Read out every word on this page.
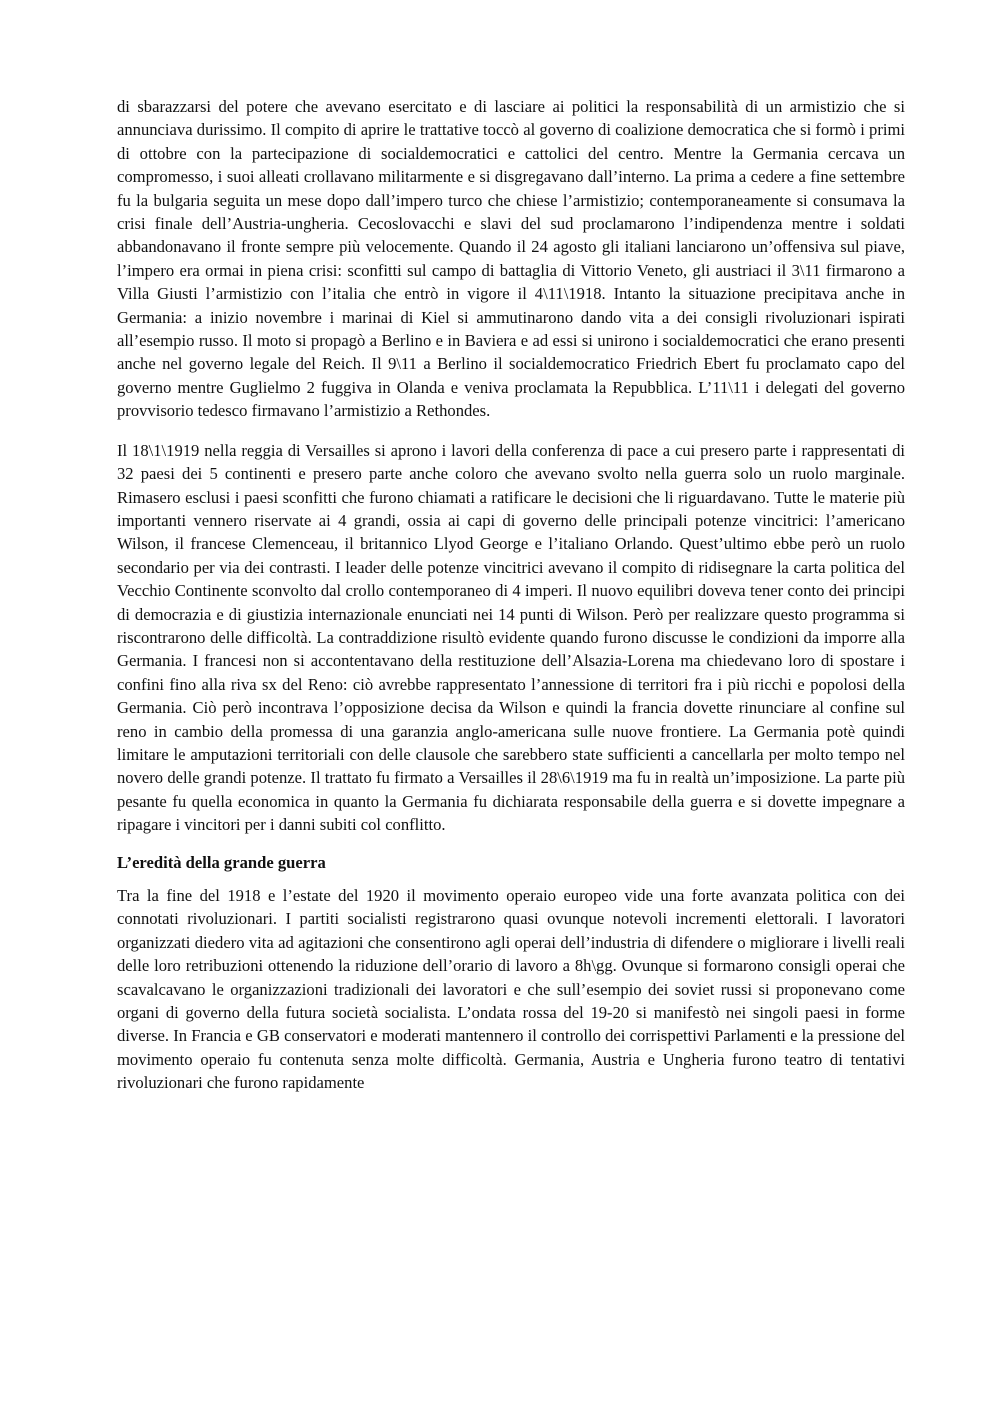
di sbarazzarsi del potere che avevano esercitato e di lasciare ai politici la responsabilità di un armistizio che si annunciava durissimo. Il compito di aprire le trattative toccò al governo di coalizione democratica che si formò i primi di ottobre con la partecipazione di socialdemocratici e cattolici del centro. Mentre la Germania cercava un compromesso, i suoi alleati crollavano militarmente e si disgregavano dall’interno. La prima a cedere a fine settembre fu la bulgaria seguita un mese dopo dall’impero turco che chiese l’armistizio; contemporaneamente si consumava la crisi finale dell’Austria-ungheria. Cecoslovacchi e slavi del sud proclamarono l’indipendenza mentre i soldati abbandonavano il fronte sempre più velocemente. Quando il 24 agosto gli italiani lanciarono un’offensiva sul piave, l’impero era ormai in piena crisi: sconfitti sul campo di battaglia di Vittorio Veneto, gli austriaci il 3\11 firmarono a Villa Giusti l’armistizio con l’italia che entrò in vigore il 4\11\1918. Intanto la situazione precipitava anche in Germania: a inizio novembre i marinai di Kiel si ammutinarono dando vita a dei consigli rivoluzionari ispirati all’esempio russo. Il moto si propagò a Berlino e in Baviera e ad essi si unirono i socialdemocratici che erano presenti anche nel governo legale del Reich. Il 9\11 a Berlino il socialdemocratico Friedrich Ebert fu proclamato capo del governo mentre Guglielmo 2 fuggiva in Olanda e veniva proclamata la Repubblica. L’11\11 i delegati del governo provvisorio tedesco firmavano l’armistizio a Rethondes.

Il 18\1\1919 nella reggia di Versailles si aprono i lavori della conferenza di pace a cui presero parte i rappresentati di 32 paesi dei 5 continenti e presero parte anche coloro che avevano svolto nella guerra solo un ruolo marginale. Rimasero esclusi i paesi sconfitti che furono chiamati a ratificare le decisioni che li riguardavano. Tutte le materie più importanti vennero riservate ai 4 grandi, ossia ai capi di governo delle principali potenze vincitrici: l’americano Wilson, il francese Clemenceau, il britannico Llyod George e l’italiano Orlando. Quest’ultimo ebbe però un ruolo secondario per via dei contrasti. I leader delle potenze vincitrici avevano il compito di ridisegnare la carta politica del Vecchio Continente sconvolto dal crollo contemporaneo di 4 imperi. Il nuovo equilibri doveva tener conto dei principi di democrazia e di giustizia internazionale enunciati nei 14 punti di Wilson. Però per realizzare questo programma si riscontrarono delle difficoltà. La contraddizione risultò evidente quando furono discusse le condizioni da imporre alla Germania. I francesi non si accontentavano della restituzione dell’Alsazia-Lorena ma chiedevano loro di spostare i confini fino alla riva sx del Reno: ciò avrebbe rappresentato l’annessione di territori fra i più ricchi e popolosi della Germania. Ciò però incontrava l’opposizione decisa da Wilson e quindi la francia dovette rinunciare al confine sul reno in cambio della promessa di una garanzia anglo-americana sulle nuove frontiere. La Germania potè quindi limitare le amputazioni territoriali con delle clausole che sarebbero state sufficienti a cancellarla per molto tempo nel novero delle grandi potenze. Il trattato fu firmato a Versailles il 28\6\1919 ma fu in realtà un’imposizione. La parte più pesante fu quella economica in quanto la Germania fu dichiarata responsabile della guerra e si dovette impegnare a ripagare i vincitori per i danni subiti col conflitto.

L’eredità della grande guerra

Tra la fine del 1918 e l’estate del 1920 il movimento operaio europeo vide una forte avanzata politica con dei connotati rivoluzionari. I partiti socialisti registrarono quasi ovunque notevoli incrementi elettorali. I lavoratori organizzati diedero vita ad agitazioni che consentirono agli operai dell’industria di difendere o migliorare i livelli reali delle loro retribuzioni ottenendo la riduzione dell’orario di lavoro a 8h\gg. Ovunque si formarono consigli operai che scavalcavano le organizzazioni tradizionali dei lavoratori e che sull’esempio dei soviet russi si proponevano come organi di governo della futura società socialista. L’ondata rossa del 19-20 si manifestò nei singoli paesi in forme diverse. In Francia e GB conservatori e moderati mantennero il controllo dei corrispettivi Parlamenti e la pressione del movimento operaio fu contenuta senza molte difficoltà. Germania, Austria e Ungheria furono teatro di tentativi rivoluzionari che furono rapidamente
